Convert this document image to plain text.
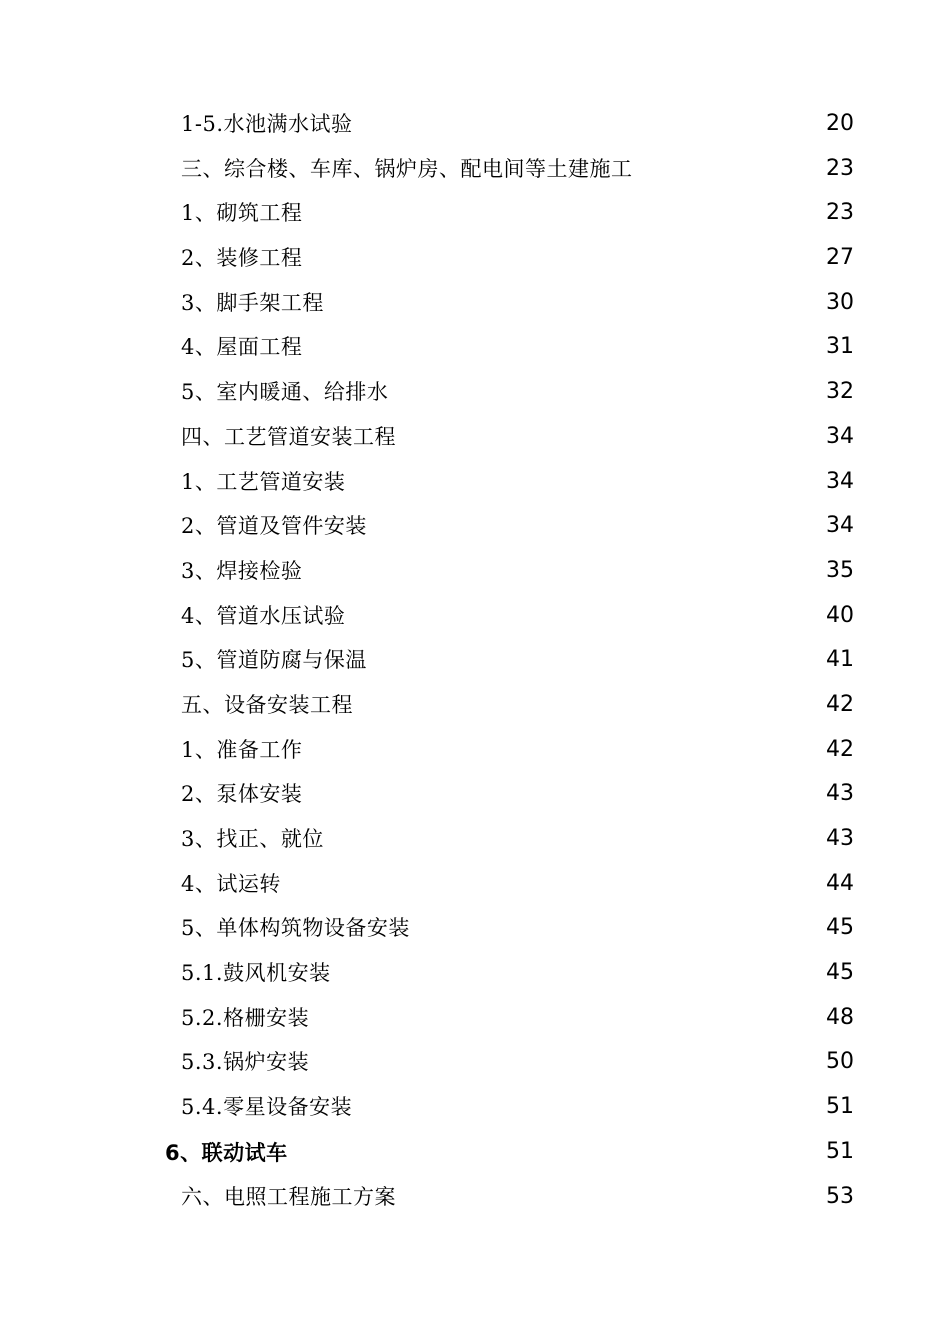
1-5.水池满水试验	20
三、综合楼、车库、锅炉房、配电间等土建施工	23
1、砌筑工程	23
2、装修工程	27
3、脚手架工程	30
4、屋面工程	31
5、室内暖通、给排水	32
四、工艺管道安装工程	34
1、工艺管道安装	34
2、管道及管件安装	34
3、焊接检验	35
4、管道水压试验	40
5、管道防腐与保温	41
五、设备安装工程	42
1、准备工作	42
2、泵体安装	43
3、找正、就位	43
4、试运转	44
5、单体构筑物设备安装	45
5.1.鼓风机安装	45
5.2.格栅安装	48
5.3.锅炉安装	50
5.4.零星设备安装	51
6、联动试车	51
六、电照工程施工方案	53
